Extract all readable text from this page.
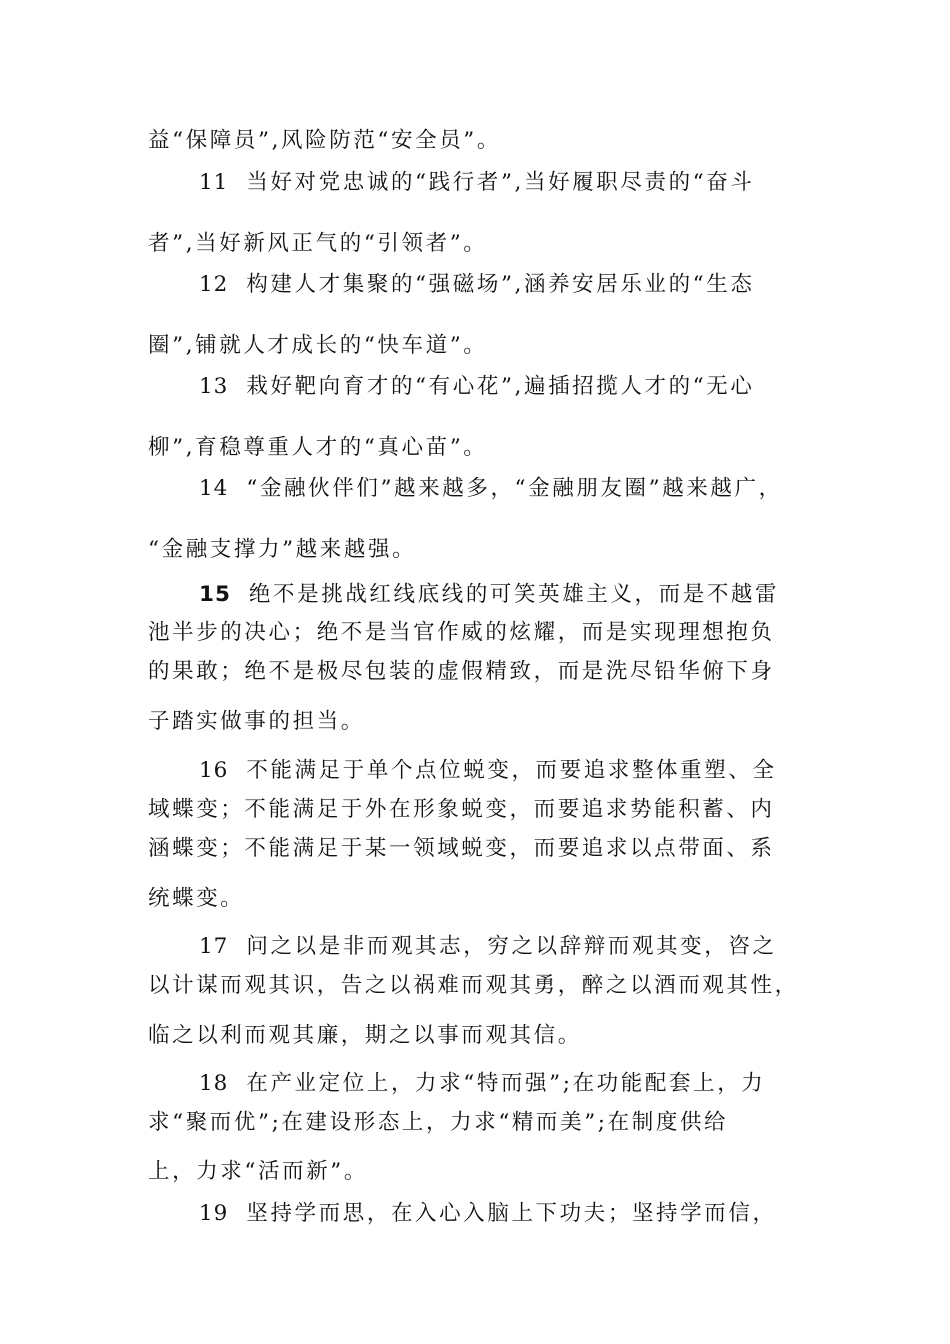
益“保障员”,风险防范“安全员”。
11 当好对党忠诚的“践行者”,当好履职尽责的“奋斗
者”,当好新风正气的“引领者”。
12 构建人才集聚的“强磁场”,涵养安居乐业的“生态
圈”,铺就人才成长的“快车道”。
13 栽好靶向育才的“有心花”,遍插招揽人才的“无心
柳”,育稳尊重人才的“真心苗”。
14 “金融伙伴们”越来越多，“金融朋友圈”越来越广，
“金融支撑力”越来越强。
15 绝不是挑战红线底线的可笑英雄主义，而是不越雷
池半步的决心；绝不是当官作威的炫耀，而是实现理想抱负
的果敢；绝不是极尽包装的虚假精致，而是洗尽铅华俯下身
子踏实做事的担当。
16 不能满足于单个点位蜕变，而要追求整体重塑、全
域蝶变；不能满足于外在形象蜕变，而要追求势能积蓄、内
涵蝶变；不能满足于某一领域蜕变，而要追求以点带面、系
统蝶变。
17 问之以是非而观其志，穷之以辞辩而观其变，咨之
以计谋而观其识，告之以祸难而观其勇，醉之以酒而观其性，
临之以利而观其廉，期之以事而观其信。
18 在产业定位上，力求“特而强”;在功能配套上，力
求“聚而优”;在建设形态上，力求“精而美”;在制度供给
上，力求“活而新”。
19 坚持学而思，在入心入脑上下功夫；坚持学而信，
